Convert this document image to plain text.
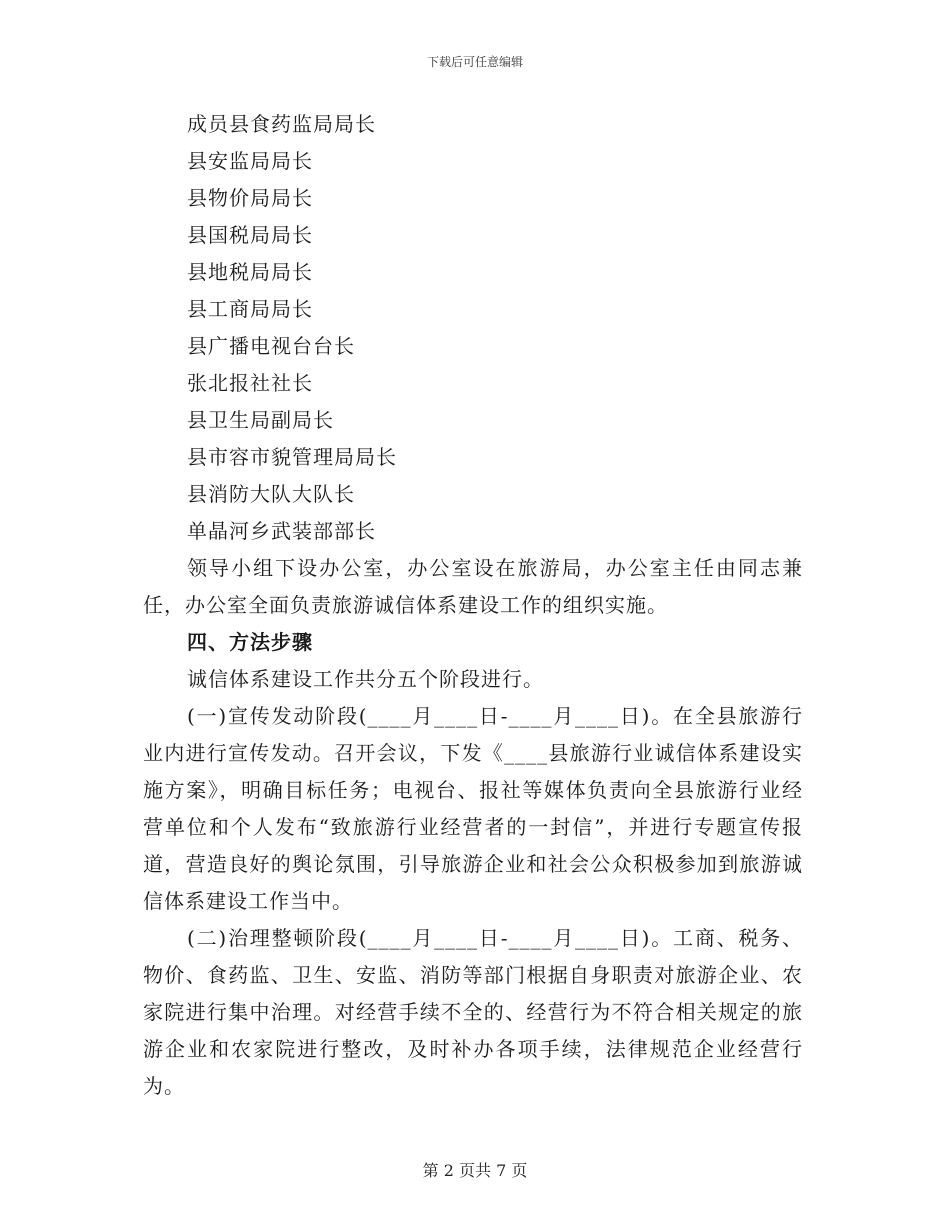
下载后可任意编辑
成员县食药监局局长
县安监局局长
县物价局局长
县国税局局长
县地税局局长
县工商局局长
县广播电视台台长
张北报社社长
县卫生局副局长
县市容市貌管理局局长
县消防大队大队长
单晶河乡武装部部长

领导小组下设办公室，办公室设在旅游局，办公室主任由同志兼任，办公室全面负责旅游诚信体系建设工作的组织实施。

四、方法步骤
诚信体系建设工作共分五个阶段进行。

(一)宣传发动阶段(____月____日-____月____日)。在全县旅游行业内进行宣传发动。召开会议，下发《____县旅游行业诚信体系建设实施方案》，明确目标任务；电视台、报社等媒体负责向全县旅游行业经营单位和个人发布“致旅游行业经营者的一封信”，并进行专题宣传报道，营造良好的舆论氛围，引导旅游企业和社会公众积极参加到旅游诚信体系建设工作当中。

(二)治理整顿阶段(____月____日-____月____日)。工商、税务、物价、食药监、卫生、安监、消防等部门根据自身职责对旅游企业、农家院进行集中治理。对经营手续不全的、经营行为不符合相关规定的旅游企业和农家院进行整改，及时补办各项手续，法律规范企业经营行为。

第 2 页共 7 页
